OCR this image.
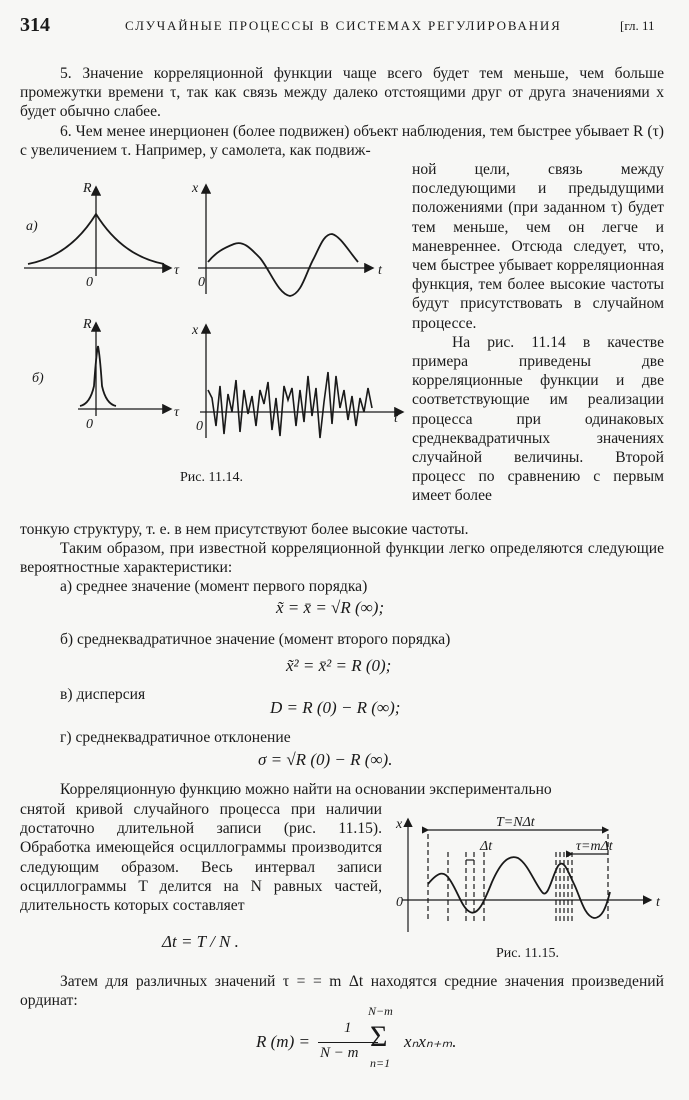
314	СЛУЧАЙНЫЕ ПРОЦЕССЫ В СИСТЕМАХ РЕГУЛИРОВАНИЯ	[гл. 11

5. Значение корреляционной функции чаще всего будет тем меньше, чем больше промежутки времени τ, так как связь между далеко отстоящими друг от друга значениями x будет обычно слабее.

6. Чем менее инерционен (более подвижен) объект наблюдения, тем быстрее убывает R (τ) с увеличением τ. Например, у самолета, как подвиж-

ной цели, связь между последующими и предыдущими положениями (при заданном τ) будет тем меньше, чем он легче и маневреннее. Отсюда следует, что, чем быстрее убывает корреляционная функция, тем более высокие частоты будут присутствовать в случайном процессе.

На рис. 11.14 в качестве примера приведены две корреляционные функции и две соответствующие им реализации процесса при одинаковых среднеквадратичных значениях случайной величины. Второй процесс по сравнению с первым имеет более

R
а)
0
τ
x
0
t
R
б)
0
τ
x
0
t
Рис. 11.14.

тонкую структуру, т. е. в нем присутствуют более высокие частоты.

Таким образом, при известной корреляционной функции легко определяются следующие вероятностные характеристики:

а) среднее значение (момент первого порядка)
x̃ = x̄ = √R (∞);
б) среднеквадратичное значение (момент второго порядка)
x̃² = x̄² = R (0);
в) дисперсия
D = R (0) − R (∞);
г) среднеквадратичное отклонение
σ = √R (0) − R (∞).

Корреляционную функцию можно найти на основании экспериментально

снятой кривой случайного процесса при наличии достаточно длительной записи (рис. 11.15). Обработка имеющейся осциллограммы производится следующим образом. Весь интервал записи осциллограммы T делится на N равных частей, длительность которых составляет
Δt = T / N .
x
0	t
T=NΔt
Δt	τ=mΔt
Рис. 11.15.

Затем для различных значений τ = = m Δt находятся средние значения произведений ординат:

R (m) =
1
N − m
N−m
Σ
n=1
xₙxₙ₊ₘ.
